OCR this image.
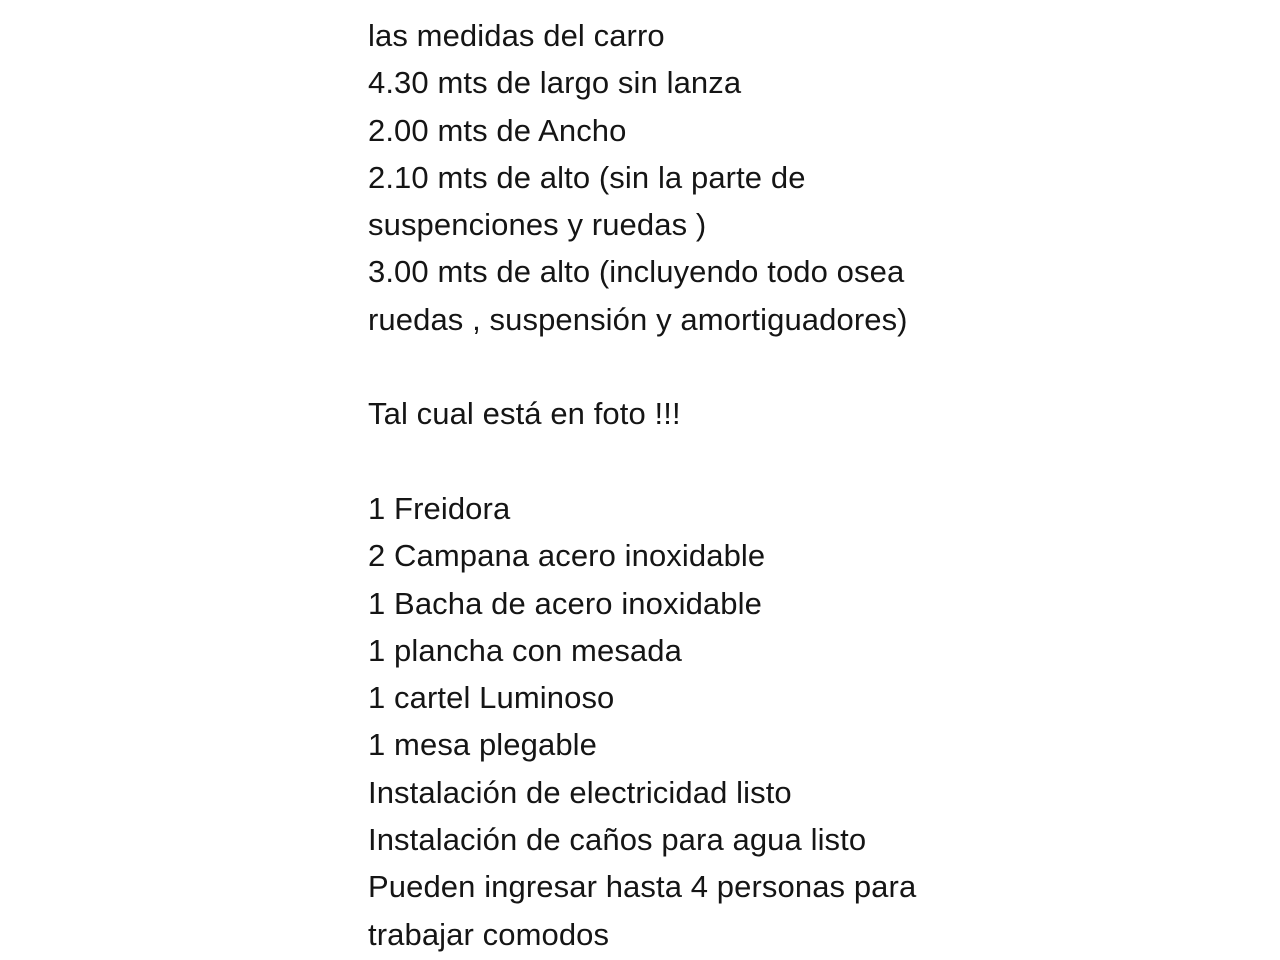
las medidas del carro
4.30 mts de largo sin lanza
2.00 mts de Ancho
2.10 mts de alto (sin la parte de
suspenciones y ruedas )
3.00 mts de alto (incluyendo todo osea
ruedas , suspensión y amortiguadores)
Tal cual está en foto !!!
1 Freidora
2 Campana acero inoxidable
1 Bacha de acero inoxidable
1 plancha con mesada
1 cartel Luminoso
1 mesa plegable
Instalación de electricidad listo
Instalación de caños para agua listo
Pueden ingresar hasta 4 personas para
trabajar comodos
